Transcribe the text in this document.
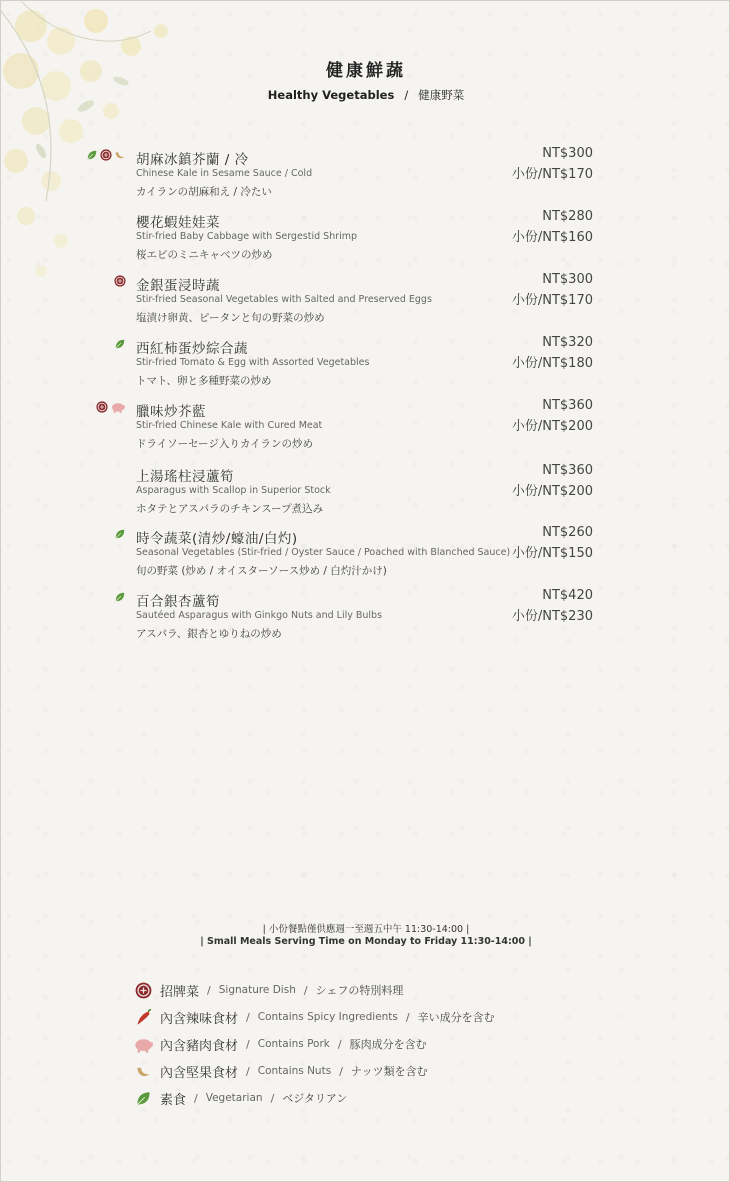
健康鮮蔬
Healthy Vegetables / 健康野菜
胡麻冰鎮芥蘭 / 冷
Chinese Kale in Sesame Sauce / Cold
カイランの胡麻和え / 冷たい
NT$300
小份/NT$170
櫻花蝦娃娃菜
Stir-fried Baby Cabbage with Sergestid Shrimp
桜エビのミニキャベツの炒め
NT$280
小份/NT$160
金銀蛋浸時蔬
Stir-fried Seasonal Vegetables with Salted and Preserved Eggs
塩漬け卵黄、ピータンと旬の野菜の炒め
NT$300
小份/NT$170
西紅柿蛋炒綜合蔬
Stir-fried Tomato & Egg with Assorted Vegetables
トマト、卵と多種野菜の炒め
NT$320
小份/NT$180
臘味炒芥藍
Stir-fried Chinese Kale with Cured Meat
ドライソーセージ入りカイランの炒め
NT$360
小份/NT$200
上湯瑤柱浸蘆筍
Asparagus with Scallop in Superior Stock
ホタテとアスパラのチキンスープ煮込み
NT$360
小份/NT$200
時令蔬菜(清炒/蠔油/白灼)
Seasonal Vegetables (Stir-fried / Oyster Sauce / Poached with Blanched Sauce)
旬の野菜 (炒め / オイスターソース炒め / 白灼汁かけ)
NT$260
小份/NT$150
百合銀杏蘆筍
Sautéed Asparagus with Ginkgo Nuts and Lily Bulbs
アスパラ、銀杏とゆりねの炒め
NT$420
小份/NT$230
| 小份餐點僅供應週一至週五中午 11:30-14:00 |
| Small Meals Serving Time on Monday to Friday 11:30-14:00 |
招牌菜 / Signature Dish / シェフの特別料理
內含辣味食材 / Contains Spicy Ingredients / 辛い成分を含む
內含豬肉食材 / Contains Pork / 豚肉成分を含む
內含堅果食材 / Contains Nuts / ナッツ類を含む
素食 / Vegetarian / ベジタリアン
